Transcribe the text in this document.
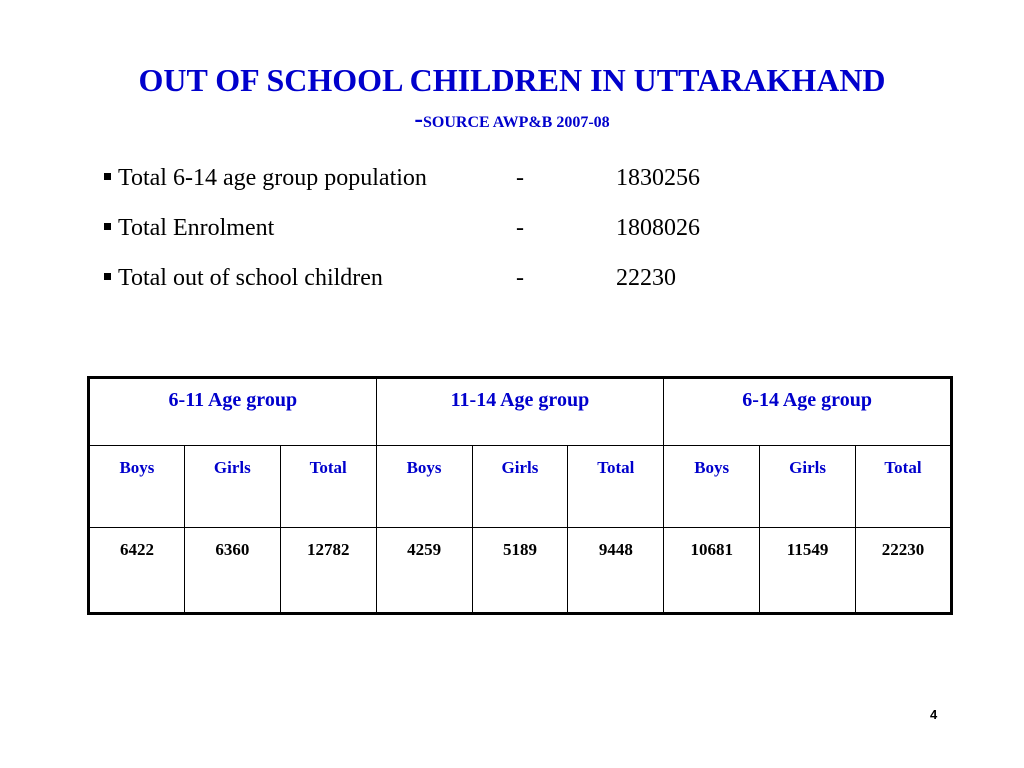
OUT OF SCHOOL CHILDREN IN UTTARAKHAND
-SOURCE AWP&B 2007-08
Total 6-14 age group population	-	1830256
Total Enrolment	-	1808026
Total out of school children	-	22230
6-11 Age group			11-14 Age group			6-14 Age group		
Boys	Girls	Total	Boys	Girls	Total	Boys	Girls	Total
6422	6360	12782	4259	5189	9448	10681	11549	22230
4
